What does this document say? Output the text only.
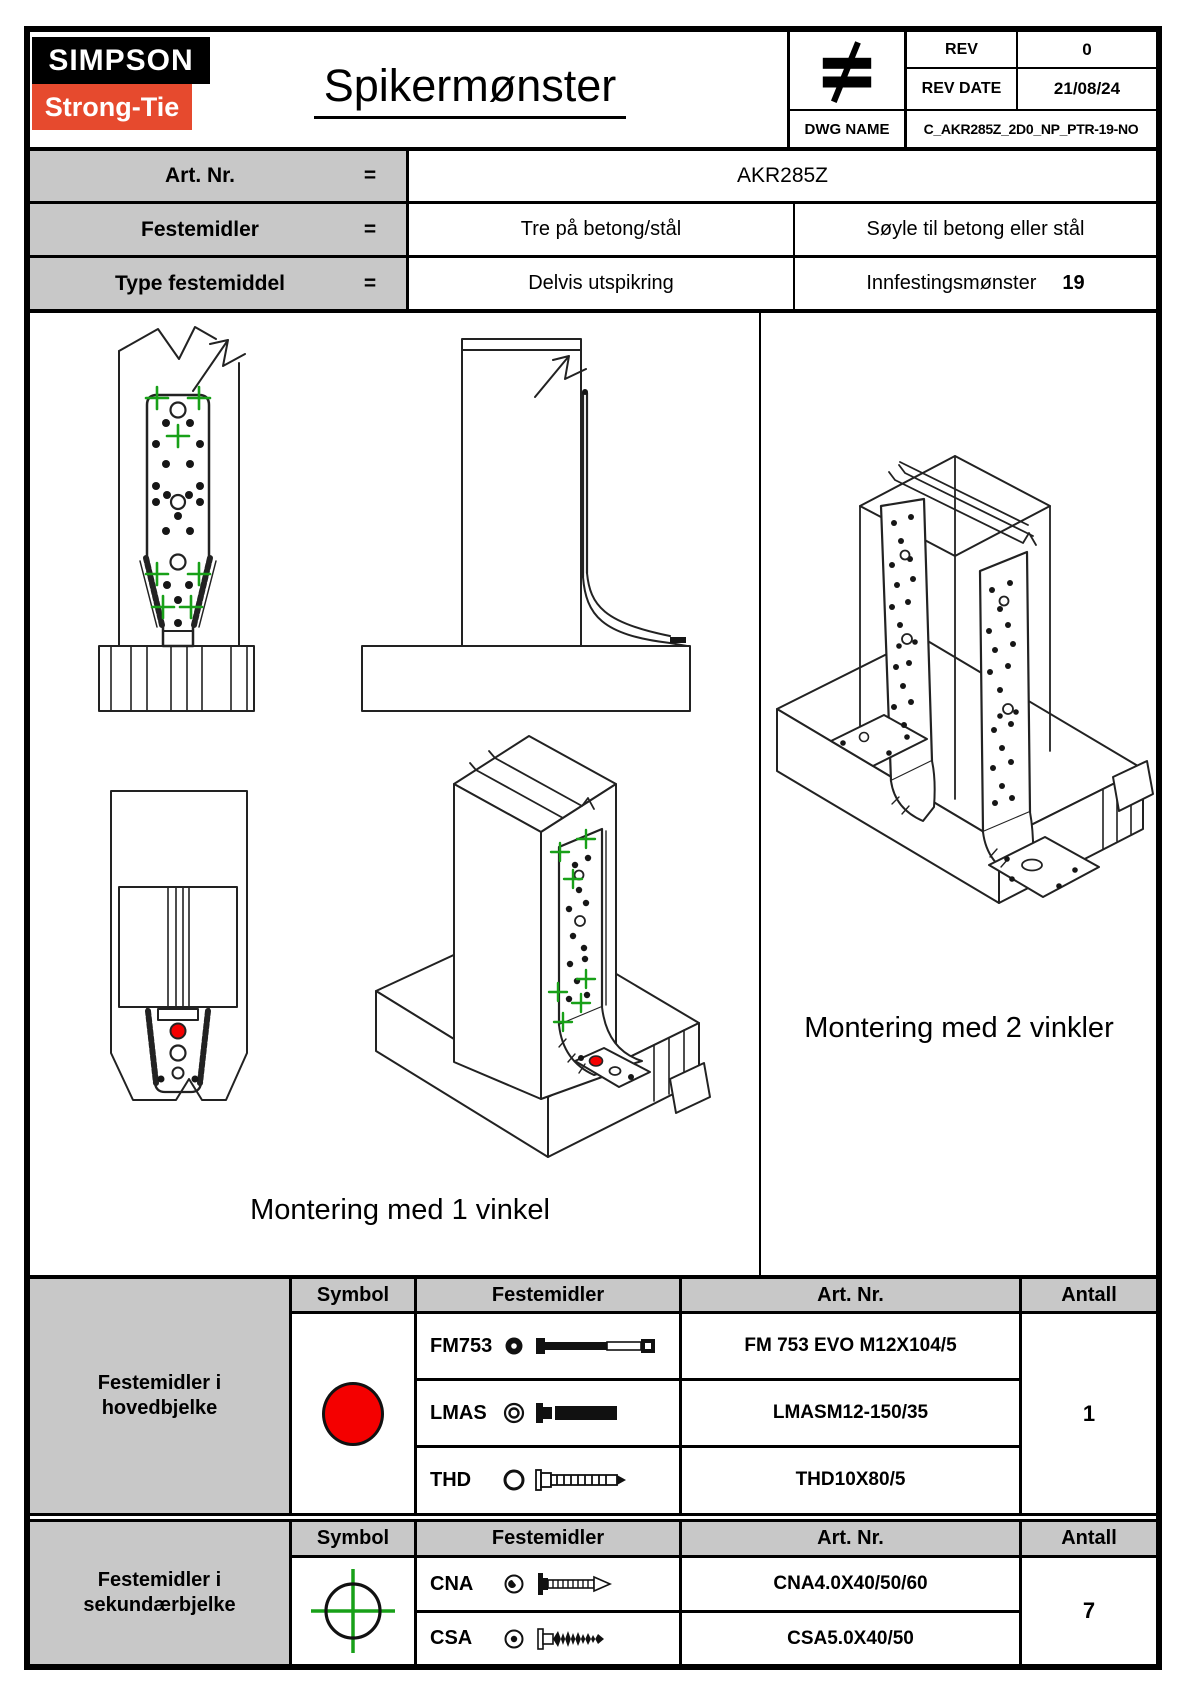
SIMPSON
Strong-Tie	Spikermønster
REV	0
REV DATE	21/08/24
DWG NAME	C_AKR285Z_2D0_NP_PTR-19-NO
Art. Nr.	=	AKR285Z
Festemidler	=	Tre på betong/stål	Søyle til betong eller stål
Type festemiddel	=	Delvis utspikring	Innfestingsmønster 19
Montering med 1 vinkel
Montering med 2 vinkler
Festemidler i
hovedbjelke
Symbol	Festemidler	Art. Nr.	Antall
FM753	FM 753 EVO M12X104/5
LMAS	LMASM12-150/35
THD	THD10X80/5
1
Festemidler i
sekundærbjelke
Symbol	Festemidler	Art. Nr.	Antall
CNA	CNA4.0X40/50/60
CSA	CSA5.0X40/50
7
